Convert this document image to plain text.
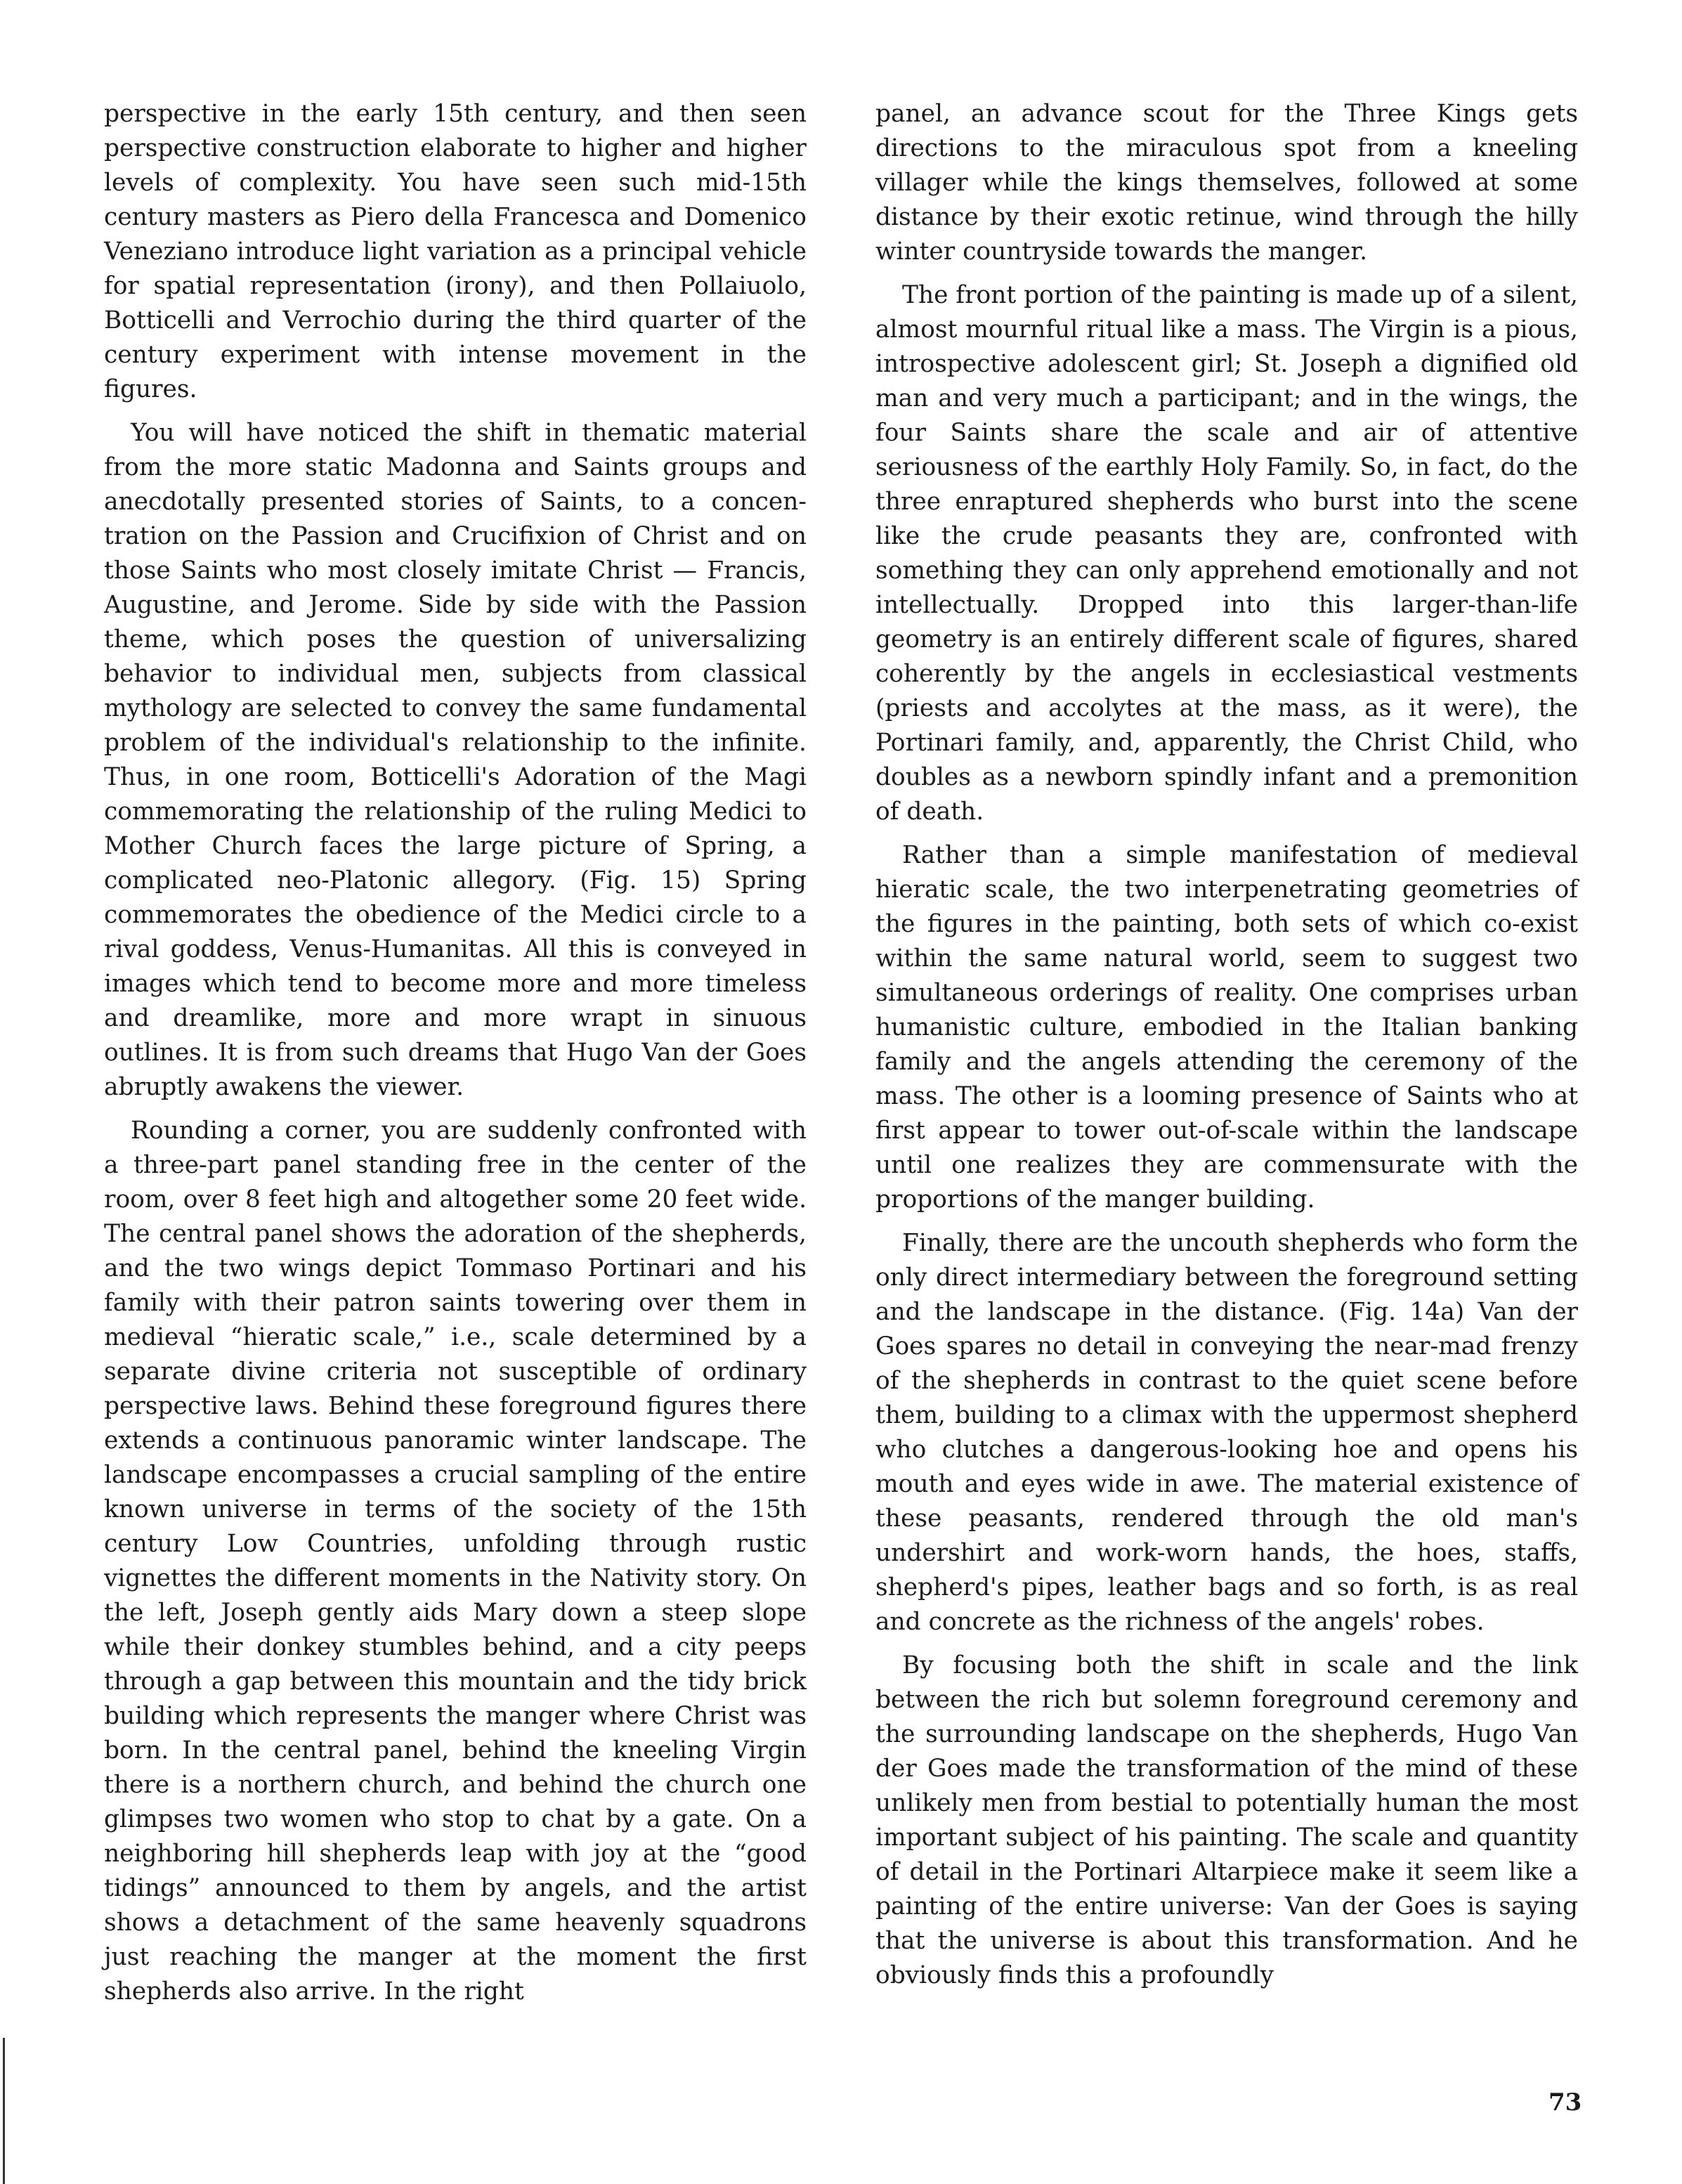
perspective in the early 15th century, and then seen perspective construction elaborate to higher and higher levels of complexity. You have seen such mid-15th century masters as Piero della Francesca and Domenico Veneziano introduce light variation as a principal vehicle for spatial representation (irony), and then Pollaiuolo, Botticelli and Verrochio during the third quarter of the century experiment with intense movement in the figures.

You will have noticed the shift in thematic material from the more static Madonna and Saints groups and anecdotally presented stories of Saints, to a concentration on the Passion and Crucifixion of Christ and on those Saints who most closely imitate Christ — Francis, Augustine, and Jerome. Side by side with the Passion theme, which poses the question of universalizing behavior to individual men, subjects from classical mythology are selected to convey the same fundamental problem of the individual's relationship to the infinite. Thus, in one room, Botticelli's Adoration of the Magi commemorating the relationship of the ruling Medici to Mother Church faces the large picture of Spring, a complicated neo-Platonic allegory. (Fig. 15) Spring commemorates the obedience of the Medici circle to a rival goddess, Venus-Humanitas. All this is conveyed in images which tend to become more and more timeless and dreamlike, more and more wrapt in sinuous outlines. It is from such dreams that Hugo Van der Goes abruptly awakens the viewer.

Rounding a corner, you are suddenly confronted with a three-part panel standing free in the center of the room, over 8 feet high and altogether some 20 feet wide. The central panel shows the adoration of the shepherds, and the two wings depict Tommaso Portinari and his family with their patron saints towering over them in medieval “hieratic scale,” i.e., scale determined by a separate divine criteria not susceptible of ordinary perspective laws. Behind these foreground figures there extends a continuous panoramic winter landscape. The landscape encompasses a crucial sampling of the entire known universe in terms of the society of the 15th century Low Countries, unfolding through rustic vignettes the different moments in the Nativity story. On the left, Joseph gently aids Mary down a steep slope while their donkey stumbles behind, and a city peeps through a gap between this mountain and the tidy brick building which represents the manger where Christ was born. In the central panel, behind the kneeling Virgin there is a northern church, and behind the church one glimpses two women who stop to chat by a gate. On a neighboring hill shepherds leap with joy at the “good tidings” announced to them by angels, and the artist shows a detachment of the same heavenly squadrons just reaching the manger at the moment the first shepherds also arrive. In the right

panel, an advance scout for the Three Kings gets directions to the miraculous spot from a kneeling villager while the kings themselves, followed at some distance by their exotic retinue, wind through the hilly winter countryside towards the manger.

The front portion of the painting is made up of a silent, almost mournful ritual like a mass. The Virgin is a pious, introspective adolescent girl; St. Joseph a dignified old man and very much a participant; and in the wings, the four Saints share the scale and air of attentive seriousness of the earthly Holy Family. So, in fact, do the three enraptured shepherds who burst into the scene like the crude peasants they are, confronted with something they can only apprehend emotionally and not intellectually. Dropped into this larger-than-life geometry is an entirely different scale of figures, shared coherently by the angels in ecclesiastical vestments (priests and accolytes at the mass, as it were), the Portinari family, and, apparently, the Christ Child, who doubles as a newborn spindly infant and a premonition of death.

Rather than a simple manifestation of medieval hieratic scale, the two interpenetrating geometries of the figures in the painting, both sets of which co-exist within the same natural world, seem to suggest two simultaneous orderings of reality. One comprises urban humanistic culture, embodied in the Italian banking family and the angels attending the ceremony of the mass. The other is a looming presence of Saints who at first appear to tower out-of-scale within the landscape until one realizes they are commensurate with the proportions of the manger building.

Finally, there are the uncouth shepherds who form the only direct intermediary between the foreground setting and the landscape in the distance. (Fig. 14a) Van der Goes spares no detail in conveying the near-mad frenzy of the shepherds in contrast to the quiet scene before them, building to a climax with the uppermost shepherd who clutches a dangerous-looking hoe and opens his mouth and eyes wide in awe. The material existence of these peasants, rendered through the old man's undershirt and work-worn hands, the hoes, staffs, shepherd's pipes, leather bags and so forth, is as real and concrete as the richness of the angels' robes.

By focusing both the shift in scale and the link between the rich but solemn foreground ceremony and the surrounding landscape on the shepherds, Hugo Van der Goes made the transformation of the mind of these unlikely men from bestial to potentially human the most important subject of his painting. The scale and quantity of detail in the Portinari Altarpiece make it seem like a painting of the entire universe: Van der Goes is saying that the universe is about this transformation. And he obviously finds this a profoundly

73
